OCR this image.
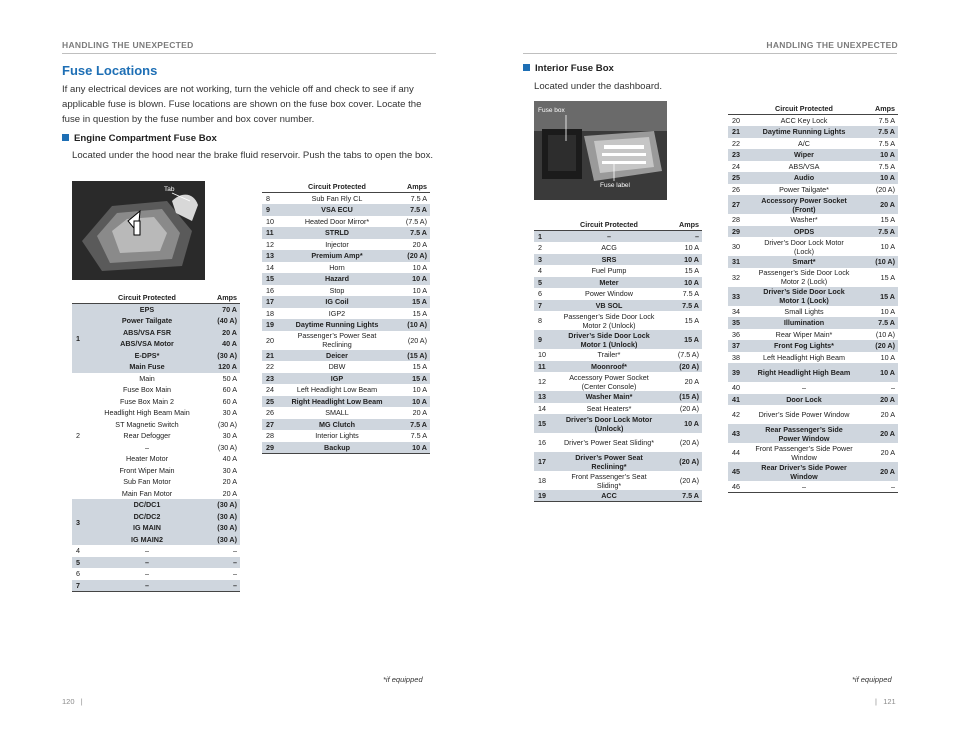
HANDLING THE UNEXPECTED	HANDLING THE UNEXPECTED
Fuse Locations
If any electrical devices are not working, turn the vehicle off and check to see if any applicable fuse is blown. Fuse locations are shown on the fuse box cover. Locate the fuse in question by the fuse number and box cover number.
Engine Compartment Fuse Box
Located under the hood near the brake fluid reservoir. Push the tabs to open the box.
Tab
	Circuit Protected	Amps
1	EPS	70 A
	Power Tailgate	(40 A)
	ABS/VSA FSR	20 A
	ABS/VSA Motor	40 A
	E-DPS*	(30 A)
	Main Fuse	120 A
2	Main	50 A
	Fuse Box Main	60 A
	Fuse Box Main 2	60 A
	Headlight High Beam Main	30 A
	ST Magnetic Switch	(30 A)
	Rear Defogger	30 A
	–	(30 A)
	Heater Motor	40 A
	Front Wiper Main	30 A
	Sub Fan Motor	20 A
	Main Fan Motor	20 A
3	DC/DC1	(30 A)
	DC/DC2	(30 A)
	IG MAIN	(30 A)
	IG MAIN2	(30 A)
4	–	–
5	–	–
6	–	–
7	–	–
	Circuit Protected	Amps
8	Sub Fan Rly CL	7.5 A
9	VSA ECU	7.5 A
10	Heated Door Mirror*	(7.5 A)
11	STRLD	7.5 A
12	Injector	20 A
13	Premium Amp*	(20 A)
14	Horn	10 A
15	Hazard	10 A
16	Stop	10 A
17	IG Coil	15 A
18	IGP2	15 A
19	Daytime Running Lights	(10 A)
20	Passenger’s Power Seat Reclining	(20 A)
21	Deicer	(15 A)
22	DBW	15 A
23	IGP	15 A
24	Left Headlight Low Beam	10 A
25	Right Headlight Low Beam	10 A
26	SMALL	20 A
27	MG Clutch	7.5 A
28	Interior Lights	7.5 A
29	Backup	10 A
*if equipped
120   |
Interior Fuse Box
Located under the dashboard.
Fuse box
Fuse label
	Circuit Protected	Amps
1	–	–
2	ACG	10 A
3	SRS	10 A
4	Fuel Pump	15 A
5	Meter	10 A
6	Power Window	7.5 A
7	VB SOL	7.5 A
8	Passenger’s Side Door Lock Motor 2 (Unlock)	15 A
9	Driver’s Side Door Lock Motor 1 (Unlock)	15 A
10	Trailer*	(7.5 A)
11	Moonroof*	(20 A)
12	Accessory Power Socket (Center Console)	20 A
13	Washer Main*	(15 A)
14	Seat Heaters*	(20 A)
15	Driver’s Door Lock Motor (Unlock)	10 A
16	Driver’s Power Seat Sliding*	(20 A)
17	Driver’s Power Seat Reclining*	(20 A)
18	Front Passenger’s Seat Sliding*	(20 A)
19	ACC	7.5 A
	Circuit Protected	Amps
20	ACC Key Lock	7.5 A
21	Daytime Running Lights	7.5 A
22	A/C	7.5 A
23	Wiper	10 A
24	ABS/VSA	7.5 A
25	Audio	10 A
26	Power Tailgate*	(20 A)
27	Accessory Power Socket (Front)	20 A
28	Washer*	15 A
29	OPDS	7.5 A
30	Driver’s Door Lock Motor (Lock)	10 A
31	Smart*	(10 A)
32	Passenger’s Side Door Lock Motor 2 (Lock)	15 A
33	Driver’s Side Door Lock Motor 1 (Lock)	15 A
34	Small Lights	10 A
35	Illumination	7.5 A
36	Rear Wiper Main*	(10 A)
37	Front Fog Lights*	(20 A)
38	Left Headlight High Beam	10 A
39	Right Headlight High Beam	10 A
40	–	–
41	Door Lock	20 A
42	Driver’s Side Power Window	20 A
43	Rear Passenger’s Side Power Window	20 A
44	Front Passenger’s Side Power Window	20 A
45	Rear Driver’s Side Power Window	20 A
46	–	–
*if equipped
|   121
